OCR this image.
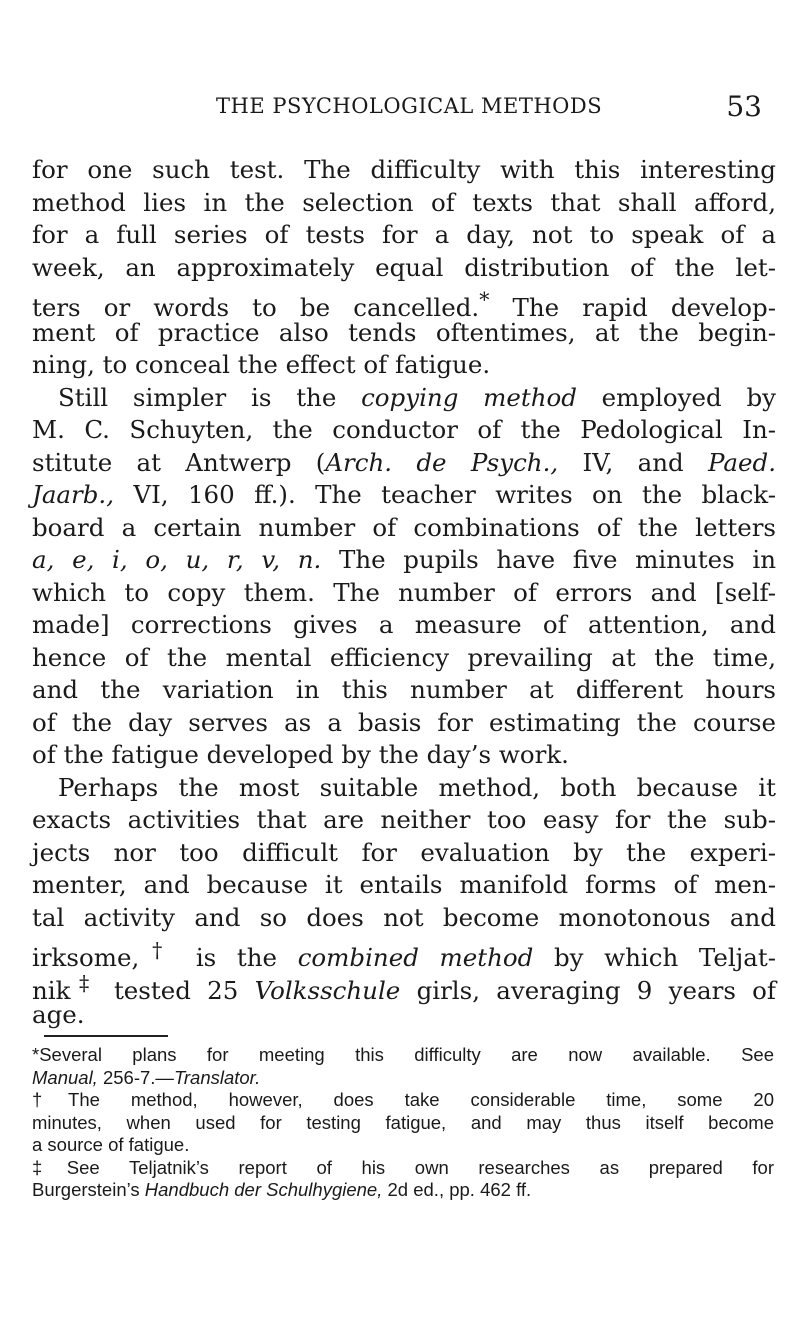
THE PSYCHOLOGICAL METHODS	53
for one such test. The difficulty with this interesting
method lies in the selection of texts that shall afford,
for a full series of tests for a day, not to speak of a
week, an approximately equal distribution of the let-
ters or words to be cancelled.* The rapid develop-
ment of practice also tends oftentimes, at the begin-
ning, to conceal the effect of fatigue.
Still simpler is the copying method employed by
M. C. Schuyten, the conductor of the Pedological In-
stitute at Antwerp (Arch. de Psych., IV, and Paed.
Jaarb., VI, 160 ff.). The teacher writes on the black-
board a certain number of combinations of the letters
a, e, i, o, u, r, v, n. The pupils have five minutes in
which to copy them. The number of errors and [self-
made] corrections gives a measure of attention, and
hence of the mental efficiency prevailing at the time,
and the variation in this number at different hours
of the day serves as a basis for estimating the course
of the fatigue developed by the day’s work.
Perhaps the most suitable method, both because it
exacts activities that are neither too easy for the sub-
jects nor too difficult for evaluation by the experi-
menter, and because it entails manifold forms of men-
tal activity and so does not become monotonous and
irksome,† is the combined method by which Teljat-
nik‡ tested 25 Volksschule girls, averaging 9 years of
age.
*Several plans for meeting this difficulty are now available. See
Manual, 256-7.—Translator.
†The method, however, does take considerable time, some 20
minutes, when used for testing fatigue, and may thus itself become
a source of fatigue.
‡See Teljatnik’s report of his own researches as prepared for
Burgerstein’s Handbuch der Schulhygiene, 2d ed., pp. 462 ff.
